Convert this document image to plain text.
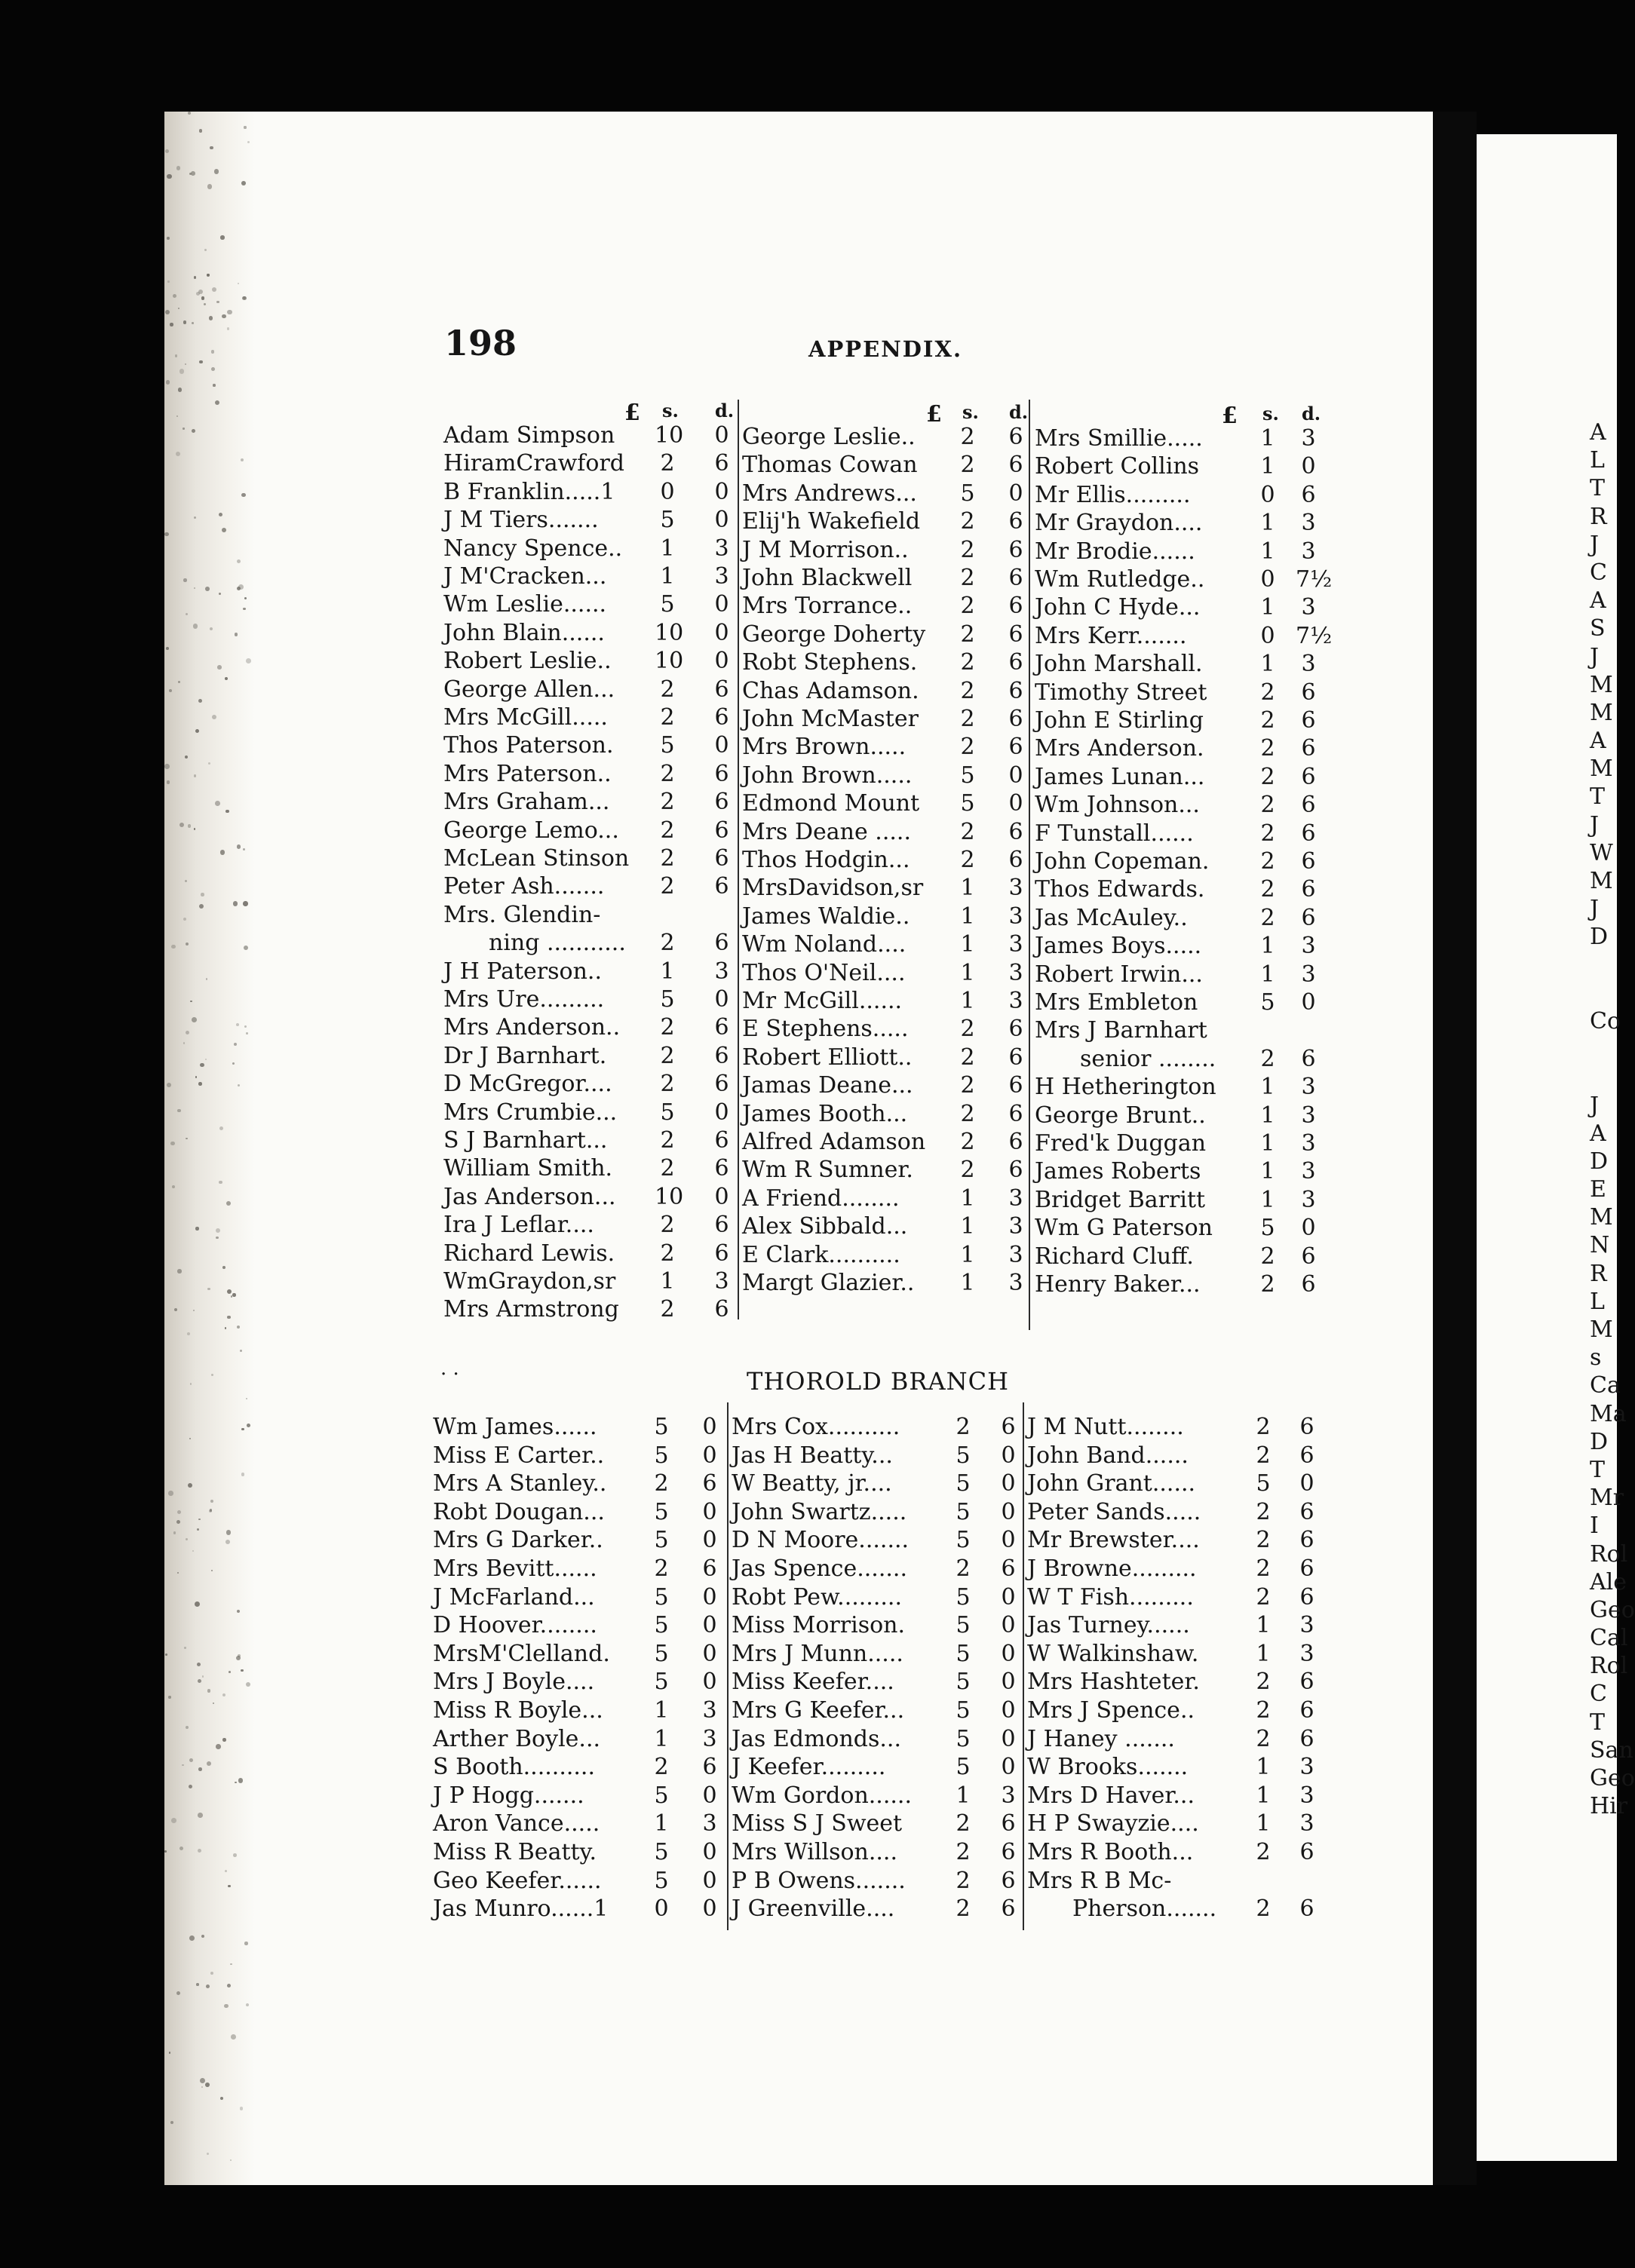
A
L
T
R
J
C
A
S
J
M
M
A
M
T
J
W
M
J
D
Co
J
A
D
E
M
N
R
L
M
s
Ca
Ma
D
T
Mr
I
Rol
Ale
Geo
Cal
Rol
C
T
San
Geo
Hir
198	APPENDIX.
£ s. d.
Adam Simpson 10 0
HiramCrawford 2 6
B Franklin.....1 0 0
J M Tiers.......	5 0
Nancy Spence.. 1 3
J M'Cracken... 1 3
Wm Leslie...... 5 0
John Blain...... 10 0
Robert Leslie.. 10 0
George Allen... 2 6
Mrs McGill..... 2 6
Thos Paterson. 5 0
Mrs Paterson.. 2 6
Mrs Graham... 2 6
George Lemo... 2 6
McLean Stinson 2 6
Peter Ash....... 2 6
Mrs. Glendin-
  ning ........... 2 6
J H Paterson..	1 3
Mrs Ure......... 5 0
Mrs Anderson.. 2 6
Dr J Barnhart. 2 6
D McGregor.... 2 6
Mrs Crumbie... 5 0
S J Barnhart... 2 6
William Smith. 2 6
Jas Anderson... 10 0
Ira J Leflar....	2 6
Richard Lewis. 2 6
WmGraydon,sr 1 3
Mrs Armstrong 2 6
£ s. d.
George Leslie.. 2 6
Thomas Cowan 2 6
Mrs Andrews... 5 0
Elij'h Wakefield 2 6
J M Morrison.. 2 6
John Blackwell 2 6
Mrs Torrance.. 2 6
George Doherty 2 6
Robt Stephens. 2 6
Chas Adamson. 2 6
John McMaster 2 6
Mrs Brown..... 2 6
John Brown..... 5 0
Edmond Mount 5 0
Mrs Deane ..... 2 6
Thos Hodgin... 2 6
MrsDavidson,sr 1 3
James Waldie.. 1 3
Wm Noland.... 1 3
Thos O'Neil.... 1 3
Mr McGill......	1 3
E Stephens..... 2 6
Robert Elliott.. 2 6
Jamas Deane... 2 6
James Booth... 2 6
Alfred Adamson 2 6
Wm R Sumner. 2 6
A Friend........	1 3
Alex Sibbald... 1 3
E Clark..........	1 3
Margt Glazier.. 1 3
£ s. d.
Mrs Smillie.....	1 3
Robert Collins	1 0
Mr Ellis.........	0 6
Mr Graydon....	1 3
Mr Brodie......	1 3
Wm Rutledge.. 0 7½
John C Hyde...	1 3
Mrs Kerr.......	0 7½
John Marshall.	1 3
Timothy Street 2 6
John E Stirling	2 6
Mrs Anderson. 2 6
James Lunan... 2 6
Wm Johnson...	2 6
F Tunstall......	2 6
John Copeman. 2 6
Thos Edwards. 2 6
Jas McAuley..	2 6
James Boys.....	1 3
Robert Irwin...	1 3
Mrs Embleton	5 0
Mrs J Barnhart
  senior ........ 2 6
H Hetherington 1 3
George Brunt.. 1 3
Fred'k Duggan 1 3
James Roberts	1 3
Bridget Barritt 1 3
Wm G Paterson 5 0
Richard Cluff.	2 6
Henry Baker...	2 6
· ·	THOROLD BRANCH
Wm James......	5 0
Miss E Carter.. 5 0
Mrs A Stanley.. 2 6
Robt Dougan... 5 0
Mrs G Darker.. 5 0
Mrs Bevitt......	2 6
J McFarland...	5 0
D Hoover........	5 0
MrsM'Clelland. 5 0
Mrs J Boyle....	5 0
Miss R Boyle... 1 3
Arther Boyle... 1 3
S Booth..........	2 6
J P Hogg.......	5 0
Aron Vance..... 1 3
Miss R Beatty.	5 0
Geo Keefer...... 5 0
Jas Munro......1 0 0
Mrs Cox.......... 2 6
Jas H Beatty...	5 0
W Beatty, jr....	5 0
John Swartz..... 5 0
D N Moore....... 5 0
Jas Spence....... 2 6
Robt Pew......... 5 0
Miss Morrison. 5 0
Mrs J Munn..... 5 0
Miss Keefer....	5 0
Mrs G Keefer... 5 0
Jas Edmonds... 5 0
J Keefer.........	5 0
Wm Gordon...... 1 3
Miss S J Sweet 2 6
Mrs Willson....	2 6
P B Owens....... 2 6
J Greenville....	2 6
J M Nutt........	2 6
John Band......	2 6
John Grant......	5 0
Peter Sands..... 2 6
Mr Brewster.... 2 6
J Browne.........	2 6
W T Fish.........	2 6
Jas Turney......	1 3
W Walkinshaw.	1 3
Mrs Hashteter. 2 6
Mrs J Spence..	2 6
J Haney .......	2 6
W Brooks.......	1 3
Mrs D Haver...	1 3
H P Swayzie....	1 3
Mrs R Booth...	2 6
Mrs R B Mc-
  Pherson....... 2 6
